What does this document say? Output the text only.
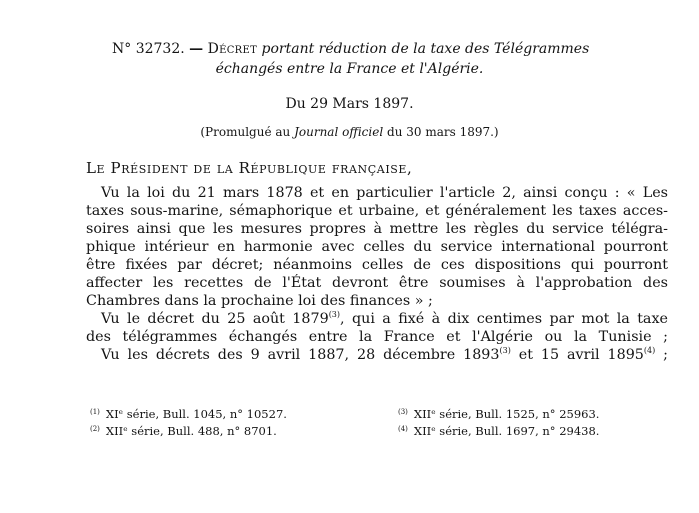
N° 32732. — Décret portant réduction de la taxe des Télégrammes
échangés entre la France et l'Algérie.
Du 29 Mars 1897.
(Promulgué au Journal officiel du 30 mars 1897.)
Le Président de la République française,
Vu la loi du 21 mars 1878 et en particulier l'article 2, ainsi conçu : « Les
taxes sous-marine, sémaphorique et urbaine, et généralement les taxes acces-
soires ainsi que les mesures propres à mettre les règles du service télégra-
phique intérieur en harmonie avec celles du service international pourront
être fixées par décret; néanmoins celles de ces dispositions qui pourront
affecter les recettes de l'État devront être soumises à l'approbation des
Chambres dans la prochaine loi des finances » ;
Vu le décret du 25 août 1879$^{(3)}$, qui a fixé à dix centimes par mot la taxe
des télégrammes échangés entre la France et l'Algérie ou la Tunisie ;
Vu les décrets des 9 avril 1887, 28 décembre 1893$^{(3)}$ et 15 avril 1895$^{(4)}$ ;
$^{(1)}$ XIᵉ série, Bull. 1045, n° 10527.
$^{(2)}$ XIIᵉ série, Bull. 488, n° 8701.
$^{(3)}$ XIIᵉ série, Bull. 1525, n° 25963.
$^{(4)}$ XIIᵉ série, Bull. 1697, n° 29438.
